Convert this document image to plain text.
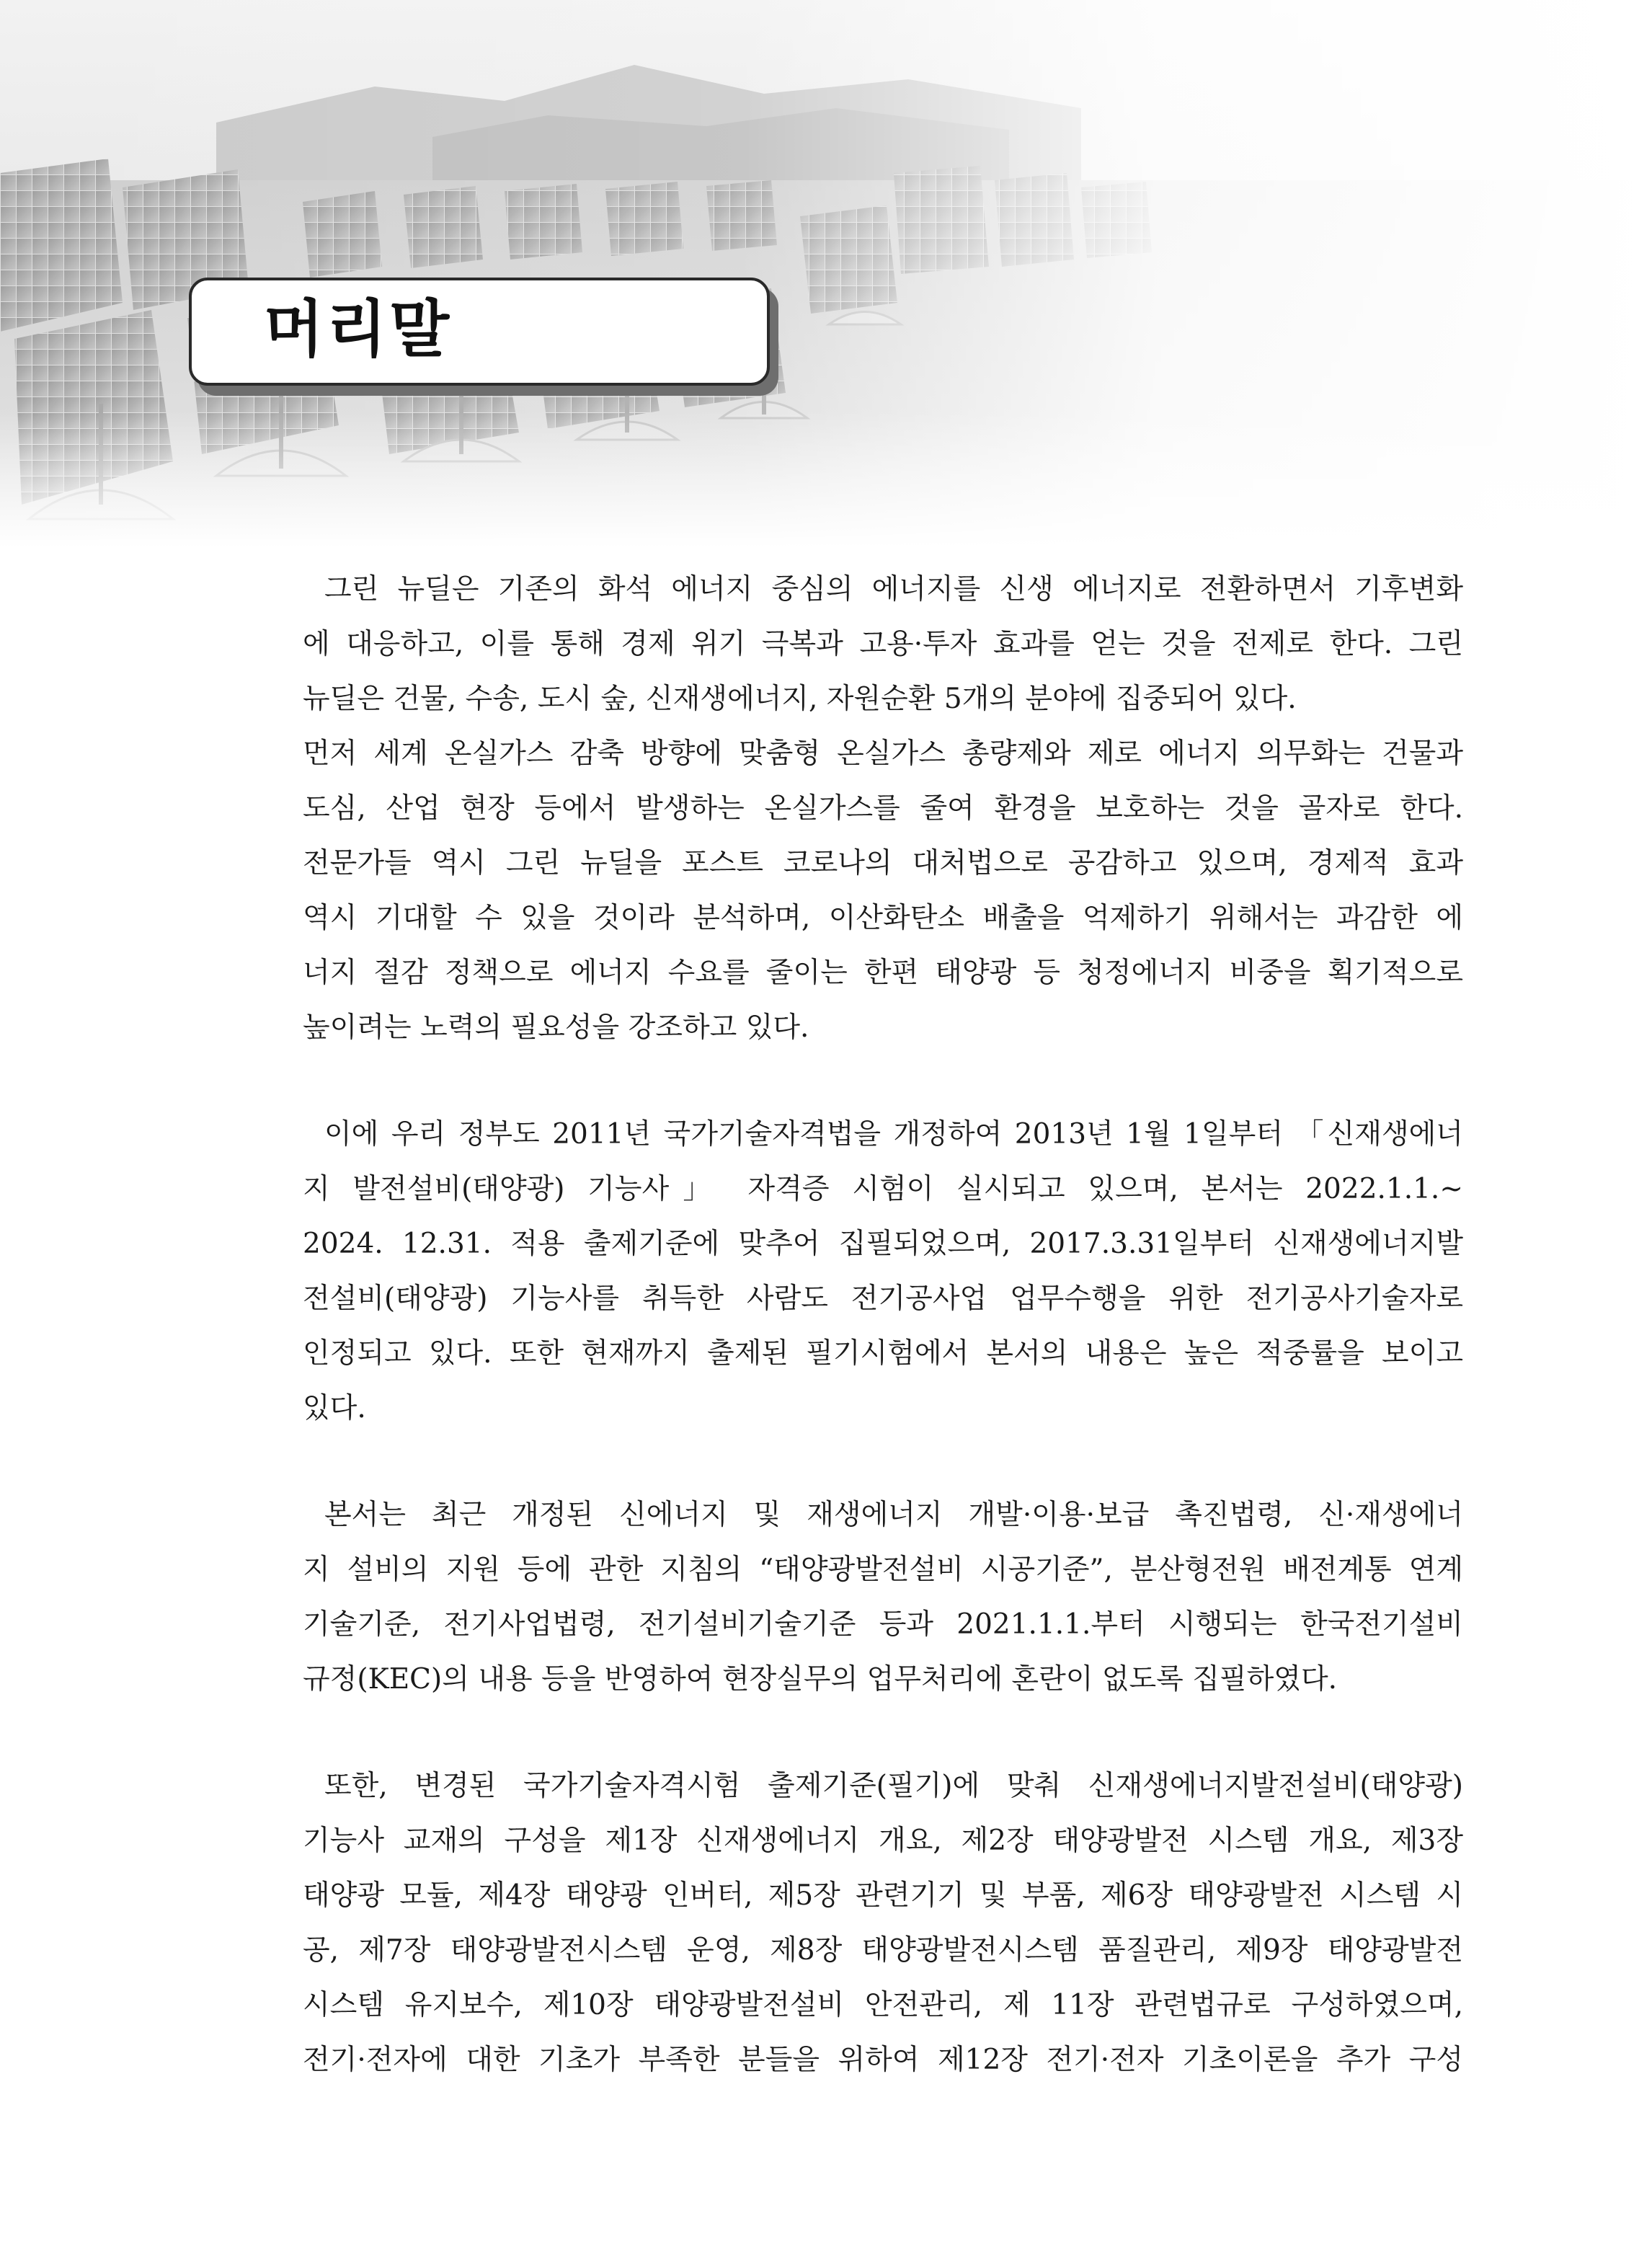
머리말
그린 뉴딜은 기존의 화석 에너지 중심의 에너지를 신생 에너지로 전환하면서 기후변화
에 대응하고, 이를 통해 경제 위기 극복과 고용·투자 효과를 얻는 것을 전제로 한다. 그린
뉴딜은 건물, 수송, 도시 숲, 신재생에너지, 자원순환 5개의 분야에 집중되어 있다.
먼저 세계 온실가스 감축 방향에 맞춤형 온실가스 총량제와 제로 에너지 의무화는 건물과
도심, 산업 현장 등에서 발생하는 온실가스를 줄여 환경을 보호하는 것을 골자로 한다.
전문가들 역시 그린 뉴딜을 포스트 코로나의 대처법으로 공감하고 있으며, 경제적 효과
역시 기대할 수 있을 것이라 분석하며, 이산화탄소 배출을 억제하기 위해서는 과감한 에
너지 절감 정책으로 에너지 수요를 줄이는 한편 태양광 등 청정에너지 비중을 획기적으로
높이려는 노력의 필요성을 강조하고 있다.
이에 우리 정부도 2011년 국가기술자격법을 개정하여 2013년 1월 1일부터 「신재생에너
지 발전설비(태양광) 기능사」 자격증 시험이 실시되고 있으며, 본서는 2022.1.1.~
2024. 12.31. 적용 출제기준에 맞추어 집필되었으며, 2017.3.31일부터 신재생에너지발
전설비(태양광) 기능사를 취득한 사람도 전기공사업 업무수행을 위한 전기공사기술자로
인정되고 있다. 또한 현재까지 출제된 필기시험에서 본서의 내용은 높은 적중률을 보이고
있다.
본서는 최근 개정된 신에너지 및 재생에너지 개발·이용·보급 촉진법령, 신·재생에너
지 설비의 지원 등에 관한 지침의 “태양광발전설비 시공기준”, 분산형전원 배전계통 연계
기술기준, 전기사업법령, 전기설비기술기준 등과 2021.1.1.부터 시행되는 한국전기설비
규정(KEC)의 내용 등을 반영하여 현장실무의 업무처리에 혼란이 없도록 집필하였다.
또한, 변경된 국가기술자격시험 출제기준(필기)에 맞춰 신재생에너지발전설비(태양광)
기능사 교재의 구성을 제1장 신재생에너지 개요, 제2장 태양광발전 시스템 개요, 제3장
태양광 모듈, 제4장 태양광 인버터, 제5장 관련기기 및 부품, 제6장 태양광발전 시스템 시
공, 제7장 태양광발전시스템 운영, 제8장 태양광발전시스템 품질관리, 제9장 태양광발전
시스템 유지보수, 제10장 태양광발전설비 안전관리, 제 11장 관련법규로 구성하였으며,
전기·전자에 대한 기초가 부족한 분들을 위하여 제12장 전기·전자 기초이론을 추가 구성
